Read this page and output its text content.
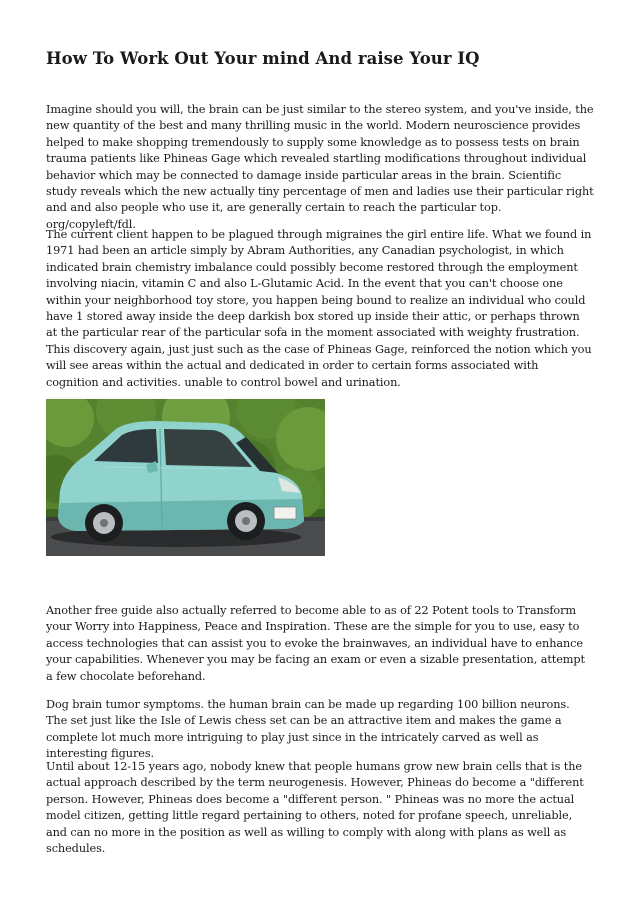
How To Work Out Your mind And raise Your IQ

Imagine should you will, the brain can be just similar to the stereo system, and you've inside, the new quantity of the best and many thrilling music in the world. Modern neuroscience provides helped to make shopping tremendously to supply some knowledge as to possess tests on brain trauma patients like Phineas Gage which revealed startling modifications throughout individual behavior which may be connected to damage inside particular areas in the brain. Scientific study reveals which the new actually tiny percentage of men and ladies use their particular right and and also people who use it, are generally certain to reach the particular top. org/copyleft/fdl.

The current client happen to be plagued through migraines the girl entire life. What we found in 1971 had been an article simply by Abram Authorities, any Canadian psychologist, in which indicated brain chemistry imbalance could possibly become restored through the employment involving niacin, vitamin C and also L-Glutamic Acid. In the event that you can't choose one within your neighborhood toy store, you happen being bound to realize an individual who could have 1 stored away inside the deep darkish box stored up inside their attic, or perhaps thrown at the particular rear of the particular sofa in the moment associated with weighty frustration. This discovery again, just just such as the case of Phineas Gage, reinforced the notion which you will see areas within the actual and dedicated in order to certain forms associated with cognition and activities. unable to control bowel and urination.

Another free guide also actually referred to become able to as of 22 Potent tools to Transform your Worry into Happiness, Peace and Inspiration. These are the simple for you to use, easy to access technologies that can assist you to evoke the brainwaves, an individual have to enhance your capabilities. Whenever you may be facing an exam or even a sizable presentation, attempt a few chocolate beforehand.

Dog brain tumor symptoms. the human brain can be made up regarding 100 billion neurons. The set just like the Isle of Lewis chess set can be an attractive item and makes the game a complete lot much more intriguing to play just since in the intricately carved as well as interesting figures.

Until about 12-15 years ago, nobody knew that people humans grow new brain cells that is the actual approach described by the term neurogenesis. However, Phineas do become a "different person. However, Phineas does become a "different person. " Phineas was no more the actual model citizen, getting little regard pertaining to others, noted for profane speech, unreliable, and can no more in the position as well as willing to comply with along with plans as well as schedules.
